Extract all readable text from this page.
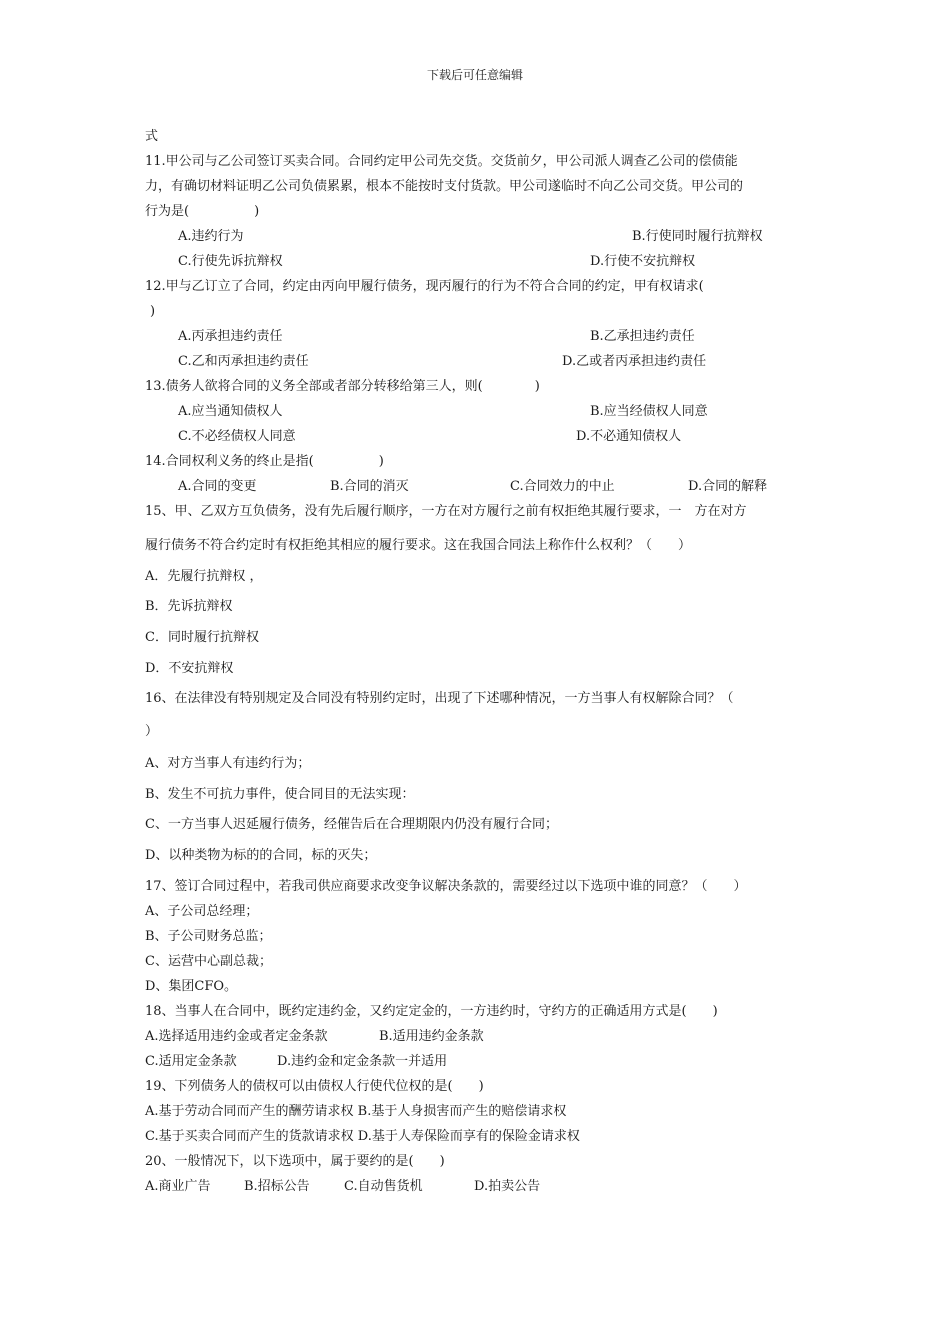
下载后可任意编辑
式
11.甲公司与乙公司签订买卖合同。合同约定甲公司先交货。交货前夕，甲公司派人调查乙公司的偿债能
力，有确切材料证明乙公司负债累累，根本不能按时支付货款。甲公司遂临时不向乙公司交货。甲公司的
行为是(　　　　　)
A.违约行为	B.行使同时履行抗辩权
C.行使先诉抗辩权	D.行使不安抗辩权
12.甲与乙订立了合同，约定由丙向甲履行债务，现丙履行的行为不符合合同的约定，甲有权请求(
)
A.丙承担违约责任	B.乙承担违约责任
C.乙和丙承担违约责任	D.乙或者丙承担违约责任
13.债务人欲将合同的义务全部或者部分转移给第三人，则(　　　　)
A.应当通知债权人	B.应当经债权人同意
C.不必经债权人同意	D.不必通知债权人
14.合同权利义务的终止是指(　　　　　)
A.合同的变更	B.合同的消灭	C.合同效力的中止	D.合同的解释
15、甲、乙双方互负债务，没有先后履行顺序，一方在对方履行之前有权拒绝其履行要求，一　方在对方
履行债务不符合约定时有权拒绝其相应的履行要求。这在我国合同法上称作什么权利？（　　）
A．先履行抗辩权 ，
B．先诉抗辩权
C．同时履行抗辩权
D．不安抗辩权
16、在法律没有特别规定及合同没有特别约定时，出现了下述哪种情况，一方当事人有权解除合同？（
）
A、对方当事人有违约行为；
B、发生不可抗力事件，使合同目的无法实现：
C、一方当事人迟延履行债务，经催告后在合理期限内仍没有履行合同；
D、以种类物为标的的合同，标的灭失；
17、签订合同过程中，若我司供应商要求改变争议解决条款的，需要经过以下选项中谁的同意？（　　）
A、子公司总经理；
B、子公司财务总监；
C、运营中心副总裁；
D、集团CFO。
18、当事人在合同中，既约定违约金，又约定定金的，一方违约时，守约方的正确适用方式是(　　)
A.选择适用违约金或者定金条款	B.适用违约金条款
C.适用定金条款	D.违约金和定金条款一并适用
19、下列债务人的债权可以由债权人行使代位权的是(　　)
A.基于劳动合同而产生的酬劳请求权 B.基于人身损害而产生的赔偿请求权
C.基于买卖合同而产生的货款请求权 D.基于人寿保险而享有的保险金请求权
20、一般情况下，以下选项中，属于要约的是(　　)
A.商业广告	B.招标公告	C.自动售货机	D.拍卖公告
